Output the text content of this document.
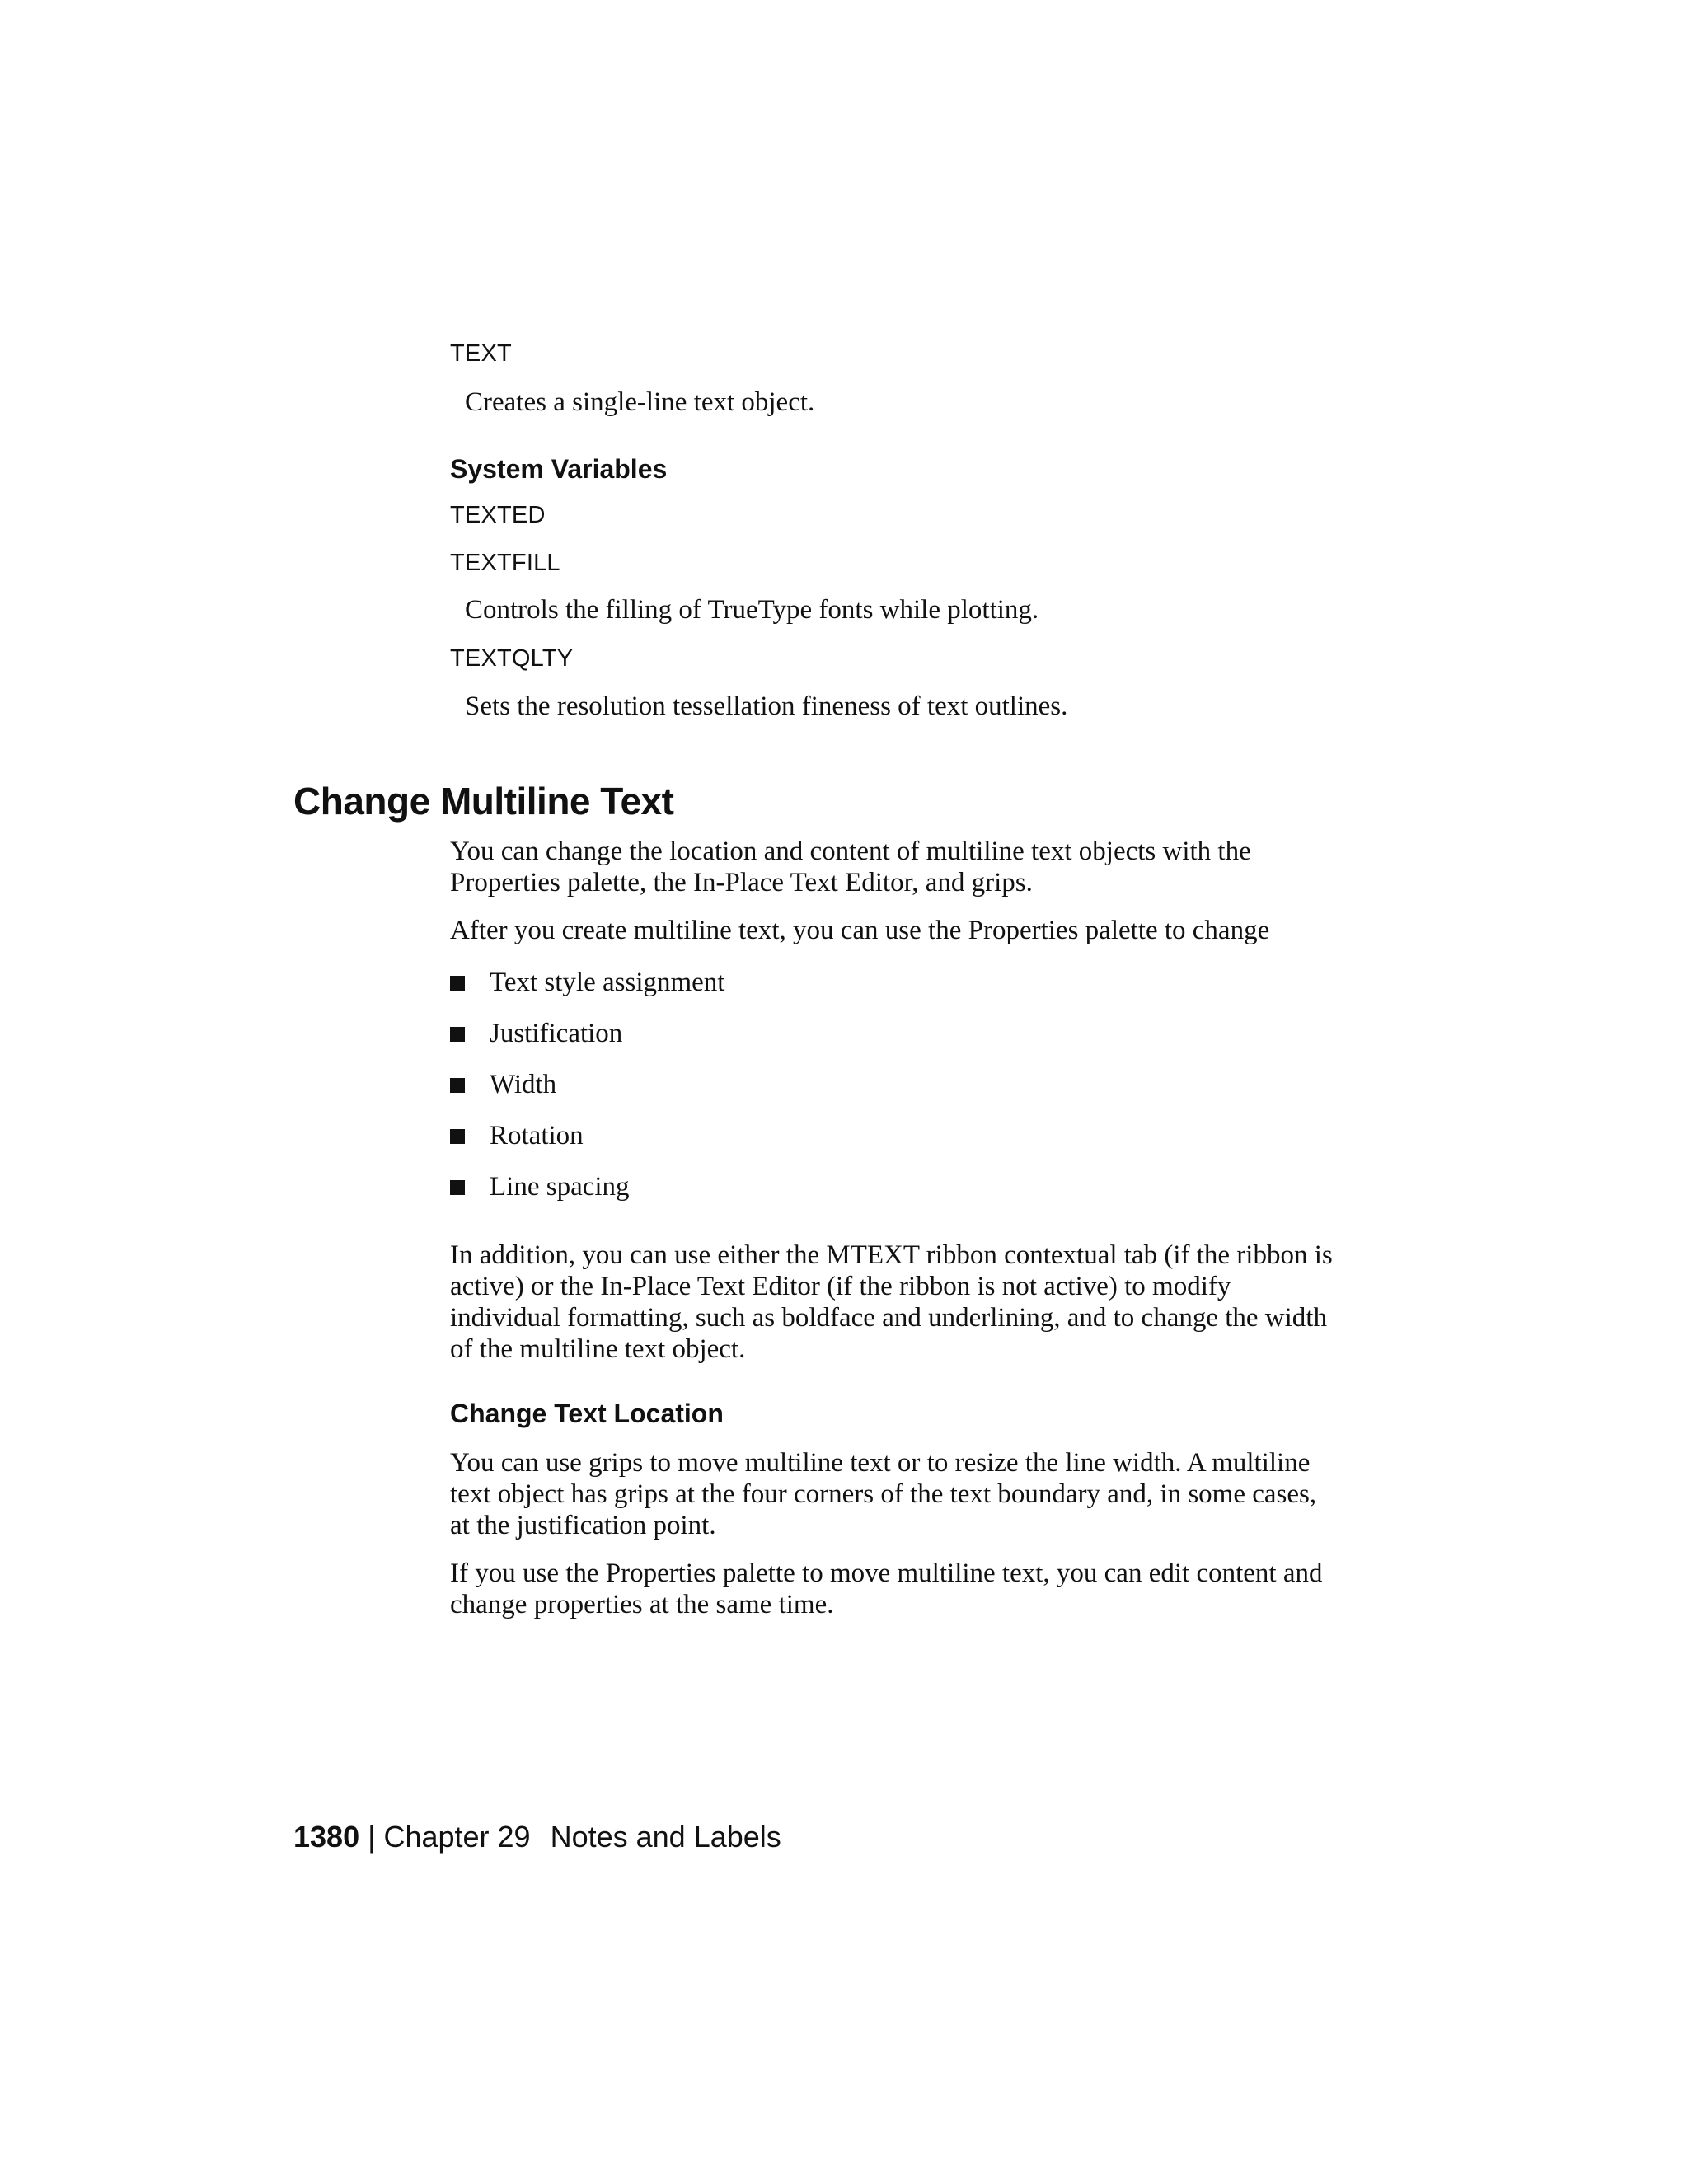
TEXT
Creates a single-line text object.
System Variables
TEXTED
TEXTFILL
Controls the filling of TrueType fonts while plotting.
TEXTQLTY
Sets the resolution tessellation fineness of text outlines.
Change Multiline Text

You can change the location and content of multiline text objects with the Properties palette, the In-Place Text Editor, and grips.

After you create multiline text, you can use the Properties palette to change

Text style assignment
Justification
Width
Rotation
Line spacing

In addition, you can use either the MTEXT ribbon contextual tab (if the ribbon is active) or the In-Place Text Editor (if the ribbon is not active) to modify individual formatting, such as boldface and underlining, and to change the width of the multiline text object.

Change Text Location

You can use grips to move multiline text or to resize the line width. A multiline text object has grips at the four corners of the text boundary and, in some cases, at the justification point.

If you use the Properties palette to move multiline text, you can edit content and change properties at the same time.

1380 | Chapter 29 Notes and Labels
